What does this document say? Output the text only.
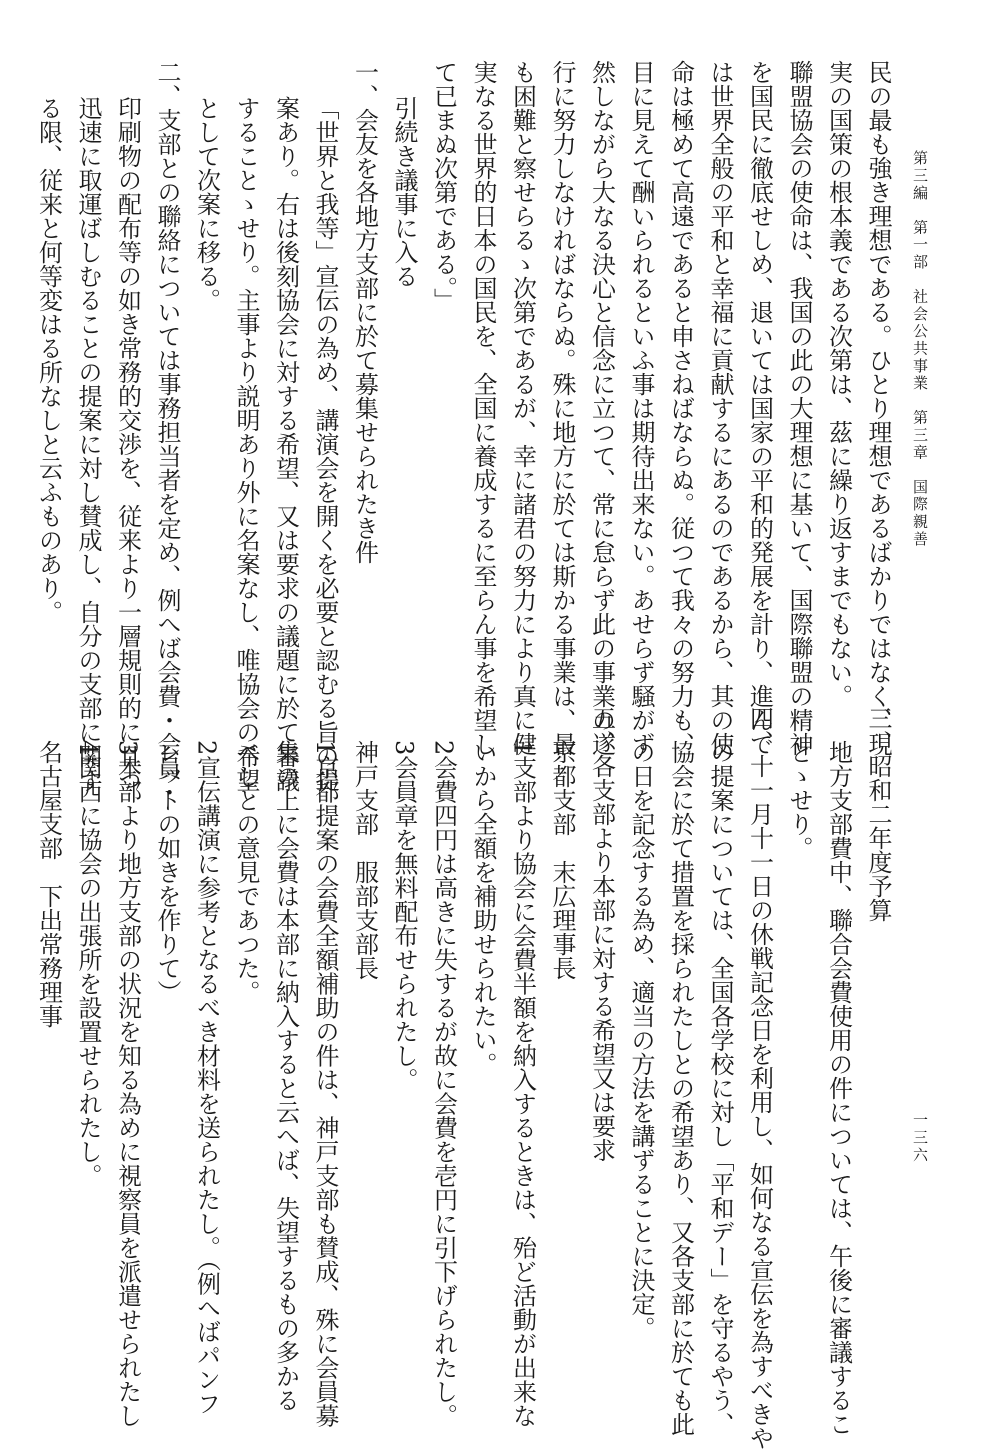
第三編　第一部　社会公共事業　第三章　国際親善
一三六
民の最も強き理想である。ひとり理想であるばかりではなく、現
実の国策の根本義である次第は、茲に繰り返すまでもない。
聯盟協会の使命は、我国の此の大理想に基いて、国際聯盟の精神
を国民に徹底せしめ、退いては国家の平和的発展を計り、進んで
は世界全般の平和と幸福に貢献するにあるのであるから、其の使
命は極めて高遠であると申さねばならぬ。従つて我々の努力も、
目に見えて酬いられるといふ事は期待出来ない。あせらず騒がず
然しながら大なる決心と信念に立つて、常に怠らず此の事業の遂
行に努力しなければならぬ。殊に地方に於ては斯かる事業は、最
も困難と察せらるゝ次第であるが、幸に諸君の努力により真に健
実なる世界的日本の国民を、全国に養成するに至らん事を希望し
て已まぬ次第である。」
引続き議事に入る
一、会友を各地方支部に於て募集せられたき件
「世界と我等」宣伝の為め、講演会を開くを必要と認むる旨の提
案あり。右は後刻協会に対する希望、又は要求の議題に於て審議
することゝせり。主事より説明あり外に名案なし、唯協会の希望
として次案に移る。
二、支部との聯絡については事務担当者を定め、例へば会費・会員・
印刷物の配布等の如き常務的交渉を、従来より一層規則的に且つ
迅速に取運ばしむることの提案に対し賛成し、自分の支部に関す
る限、従来と何等変はる所なしと云ふものあり。
三、昭和二年度予算
地方支部費中、聯合会費使用の件については、午後に審議するこ
とゝせり。
四、十一月十一日の休戦記念日を利用し、如何なる宣伝を為すべきや
の提案については、全国各学校に対し「平和デー」を守るやう、
協会に於て措置を採られたしとの希望あり、又各支部に於ても此
の日を記念する為め、適当の方法を講ずることに決定。
五、各支部より本部に対する希望又は要求
京都支部　末広理事長
1支部より協会に会費半額を納入するときは、殆ど活動が出来な
いから全額を補助せられたい。
2会費四円は高きに失するが故に会費を壱円に引下げられたし。
3会員章を無料配布せられたし。
神戸支部　服部支部長
1京都提案の会費全額補助の件は、神戸支部も賛成、殊に会員募
集の上に会費は本部に納入すると云へば、失望するもの多かる
べしとの意見であつた。
2宣伝講演に参考となるべき材料を送られたし。（例へばパンフ
レットの如きを作りて）
3本部より地方支部の状況を知る為めに視察員を派遣せられたし
4関西に協会の出張所を設置せられたし。
名古屋支部　下出常務理事
